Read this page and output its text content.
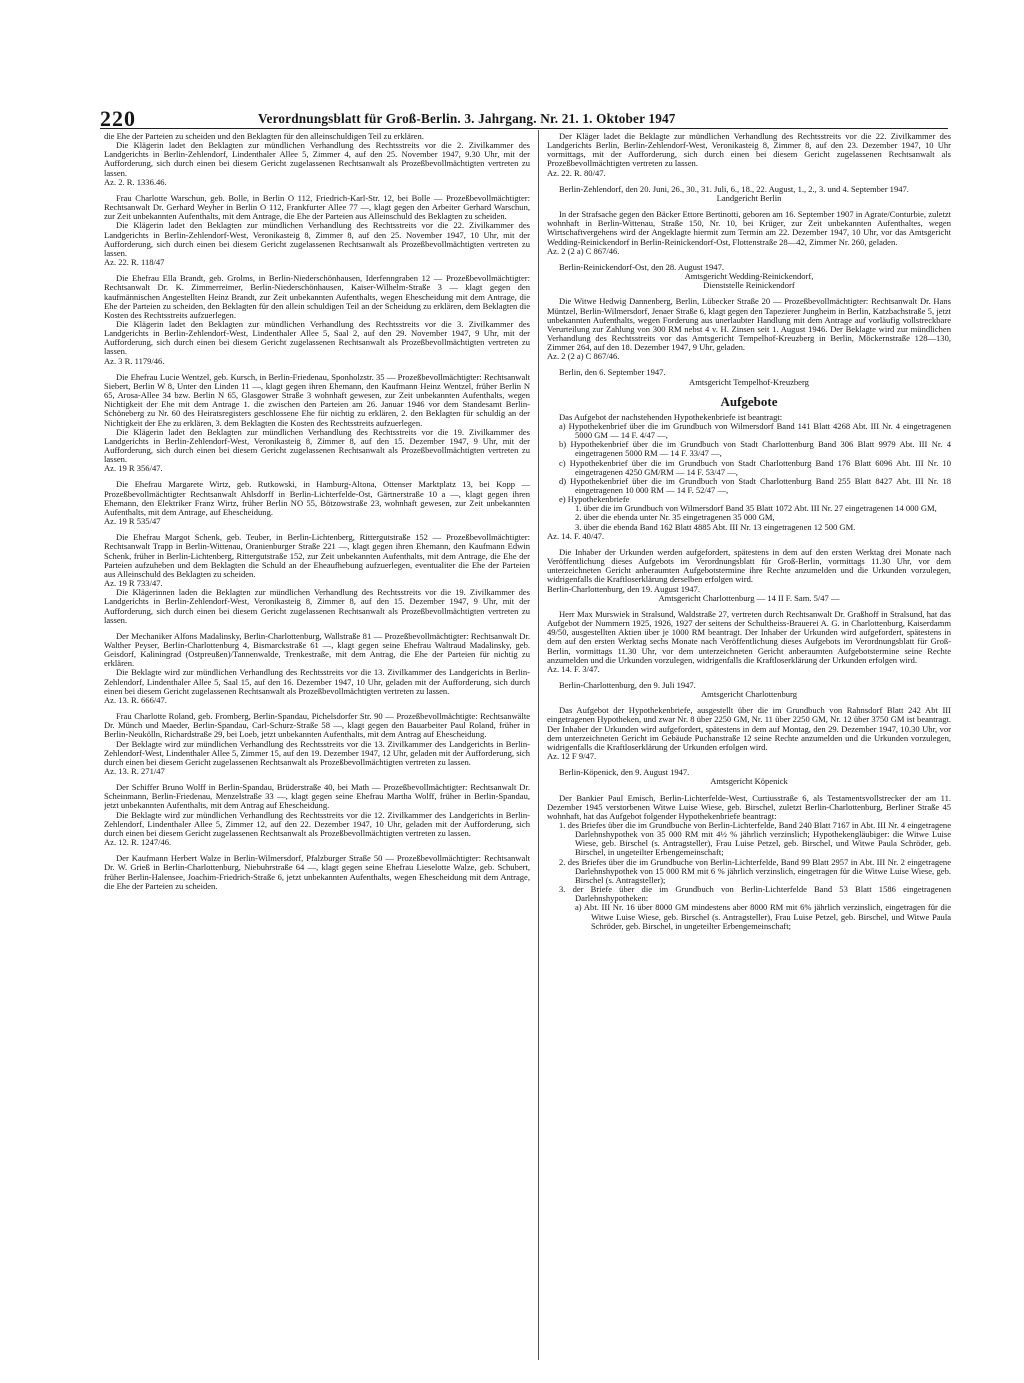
220	Verordnungsblatt für Groß-Berlin. 3. Jahrgang. Nr. 21. 1. Oktober 1947

die Ehe der Parteien zu scheiden und den Beklagten für den alleinschuldigen Teil zu erklären.

Die Klägerin ladet den Beklagten zur mündlichen Verhandlung des Rechtsstreits vor die 2. Zivilkammer des Landgerichts in Berlin-Zehlendorf, Lindenthaler Allee 5, Zimmer 4, auf den 25. November 1947, 9.30 Uhr, mit der Aufforderung, sich durch einen bei diesem Gericht zugelassenen Rechtsanwalt als Prozeßbevollmächtigten vertreten zu lassen.

Az. 2. R. 1336.46.

Frau Charlotte Warschun, geb. Bolle, in Berlin O 112, Friedrich-Karl-Str. 12, bei Bolle — Prozeßbevollmächtigter: Rechtsanwalt Dr. Gerhard Weyher in Berlin O 112, Frankfurter Allee 77 —, klagt gegen den Arbeiter Gerhard Warschun, zur Zeit unbekannten Aufenthalts, mit dem Antrage, die Ehe der Parteien aus Alleinschuld des Beklagten zu scheiden.

Die Klägerin ladet den Beklagten zur mündlichen Verhandlung des Rechtsstreits vor die 22. Zivilkammer des Landgerichts in Berlin-Zehlendorf-West, Veronikasteig 8, Zimmer 8, auf den 25. November 1947, 10 Uhr, mit der Aufforderung, sich durch einen bei diesem Gericht zugelassenen Rechtsanwalt als Prozeßbevollmächtigten vertreten zu lassen.

Az. 22. R. 118/47

Die Ehefrau Ella Brandt, geb. Grolms, in Berlin-Niederschönhausen, Iderfenngraben 12 — Prozeßbevollmächtigter: Rechtsanwalt Dr. K. Zimmerreimer, Berlin-Niederschönhausen, Kaiser-Wilhelm-Straße 3 — klagt gegen den kaufmännischen Angestellten Heinz Brandt, zur Zeit unbekannten Aufenthalts, wegen Ehescheidung mit dem Antrage, die Ehe der Parteien zu scheiden, den Beklagten für den allein schuldigen Teil an der Scheidung zu erklären, dem Beklagten die Kosten des Rechtsstreits aufzuerlegen.

Die Klägerin ladet den Beklagten zur mündlichen Verhandlung des Rechtsstreits vor die 3. Zivilkammer des Landgerichts in Berlin-Zehlendorf-West, Lindenthaler Allee 5, Saal 2, auf den 29. November 1947, 9 Uhr, mit der Aufforderung, sich durch einen bei diesem Gericht zugelassenen Rechtsanwalt als Prozeßbevollmächtigten vertreten zu lassen.

Az. 3 R. 1179/46.

Die Ehefrau Lucie Wentzel, geb. Kursch, in Berlin-Friedenau, Sponholzstr. 35 — Prozeßbevollmächtigter: Rechtsanwalt Siebert, Berlin W 8, Unter den Linden 11 —, klagt gegen ihren Ehemann, den Kaufmann Heinz Wentzel, früher Berlin N 65, Arosa-Allee 34 bzw. Berlin N 65, Glasgower Straße 3 wohnhaft gewesen, zur Zeit unbekannten Aufenthalts, wegen Nichtigkeit der Ehe mit dem Antrage 1. die zwischen den Parteien am 26. Januar 1946 vor dem Standesamt Berlin-Schöneberg zu Nr. 60 des Heiratsregisters geschlossene Ehe für nichtig zu erklären, 2. den Beklagten für schuldig an der Nichtigkeit der Ehe zu erklären, 3. dem Beklagten die Kosten des Rechtsstreits aufzuerlegen.

Die Klägerin ladet den Beklagten zur mündlichen Verhandlung des Rechtsstreits vor die 19. Zivilkammer des Landgerichts in Berlin-Zehlendorf-West, Veronikasteig 8, Zimmer 8, auf den 15. Dezember 1947, 9 Uhr, mit der Aufforderung, sich durch einen bei diesem Gericht zugelassenen Rechtsanwalt als Prozeßbevollmächtigten vertreten zu lassen.

Az. 19 R 356/47.

Die Ehefrau Margarete Wirtz, geb. Rutkowski, in Hamburg-Altona, Ottenser Marktplatz 13, bei Kopp — Prozeßbevollmächtigter Rechtsanwalt Ahlsdorff in Berlin-Lichterfelde-Ost, Gärtnerstraße 10 a —, klagt gegen ihren Ehemann, den Elektriker Franz Wirtz, früher Berlin NO 55, Bötzowstraße 23, wohnhaft gewesen, zur Zeit unbekannten Aufenthalts, mit dem Antrage, auf Ehescheidung.

Az. 19 R 535/47

Die Ehefrau Margot Schenk, geb. Teuber, in Berlin-Lichtenberg, Rittergutstraße 152 — Prozeßbevollmächtigter: Rechtsanwalt Trapp in Berlin-Wittenau, Oranienburger Straße 221 —, klagt gegen ihren Ehemann, den Kaufmann Edwin Schenk, früher in Berlin-Lichtenberg, Rittergutstraße 152, zur Zeit unbekannten Aufenthalts, mit dem Antrage, die Ehe der Parteien aufzuheben und dem Beklagten die Schuld an der Eheaufhebung aufzuerlegen, eventualiter die Ehe der Parteien aus Alleinschuld des Beklagten zu scheiden.

Az. 19 R 733/47.

Die Klägerinnen laden die Beklagten zur mündlichen Verhandlung des Rechtsstreits vor die 19. Zivilkammer des Landgerichts in Berlin-Zehlendorf-West, Veronikasteig 8, Zimmer 8, auf den 15. Dezember 1947, 9 Uhr, mit der Aufforderung, sich durch einen bei diesem Gericht zugelassenen Rechtsanwalt als Prozeßbevollmächtigten vertreten zu lassen.

Der Mechaniker Alfons Madalinsky, Berlin-Charlottenburg, Wallstraße 81 — Prozeßbevollmächtigter: Rechtsanwalt Dr. Walther Peyser, Berlin-Charlottenburg 4, Bismarckstraße 61 —, klagt gegen seine Ehefrau Waltraud Madalinsky, geb. Geisdorf, Kaliningrad (Ostpreußen)/Tannenwalde, Trenkestraße, mit dem Antrag, die Ehe der Parteien für nichtig zu erklären.

Die Beklagte wird zur mündlichen Verhandlung des Rechtsstreits vor die 13. Zivilkammer des Landgerichts in Berlin-Zehlendorf, Lindenthaler Allee 5, Saal 15, auf den 16. Dezember 1947, 10 Uhr, geladen mit der Aufforderung, sich durch einen bei diesem Gericht zugelassenen Rechtsanwalt als Prozeßbevollmächtigten vertreten zu lassen.

Az. 13. R. 666/47.

Frau Charlotte Roland, geb. Fromberg, Berlin-Spandau, Pichelsdorfer Str. 90 — Prozeßbevollmächtigte: Rechtsanwälte Dr. Münch und Maeder, Berlin-Spandau, Carl-Schurz-Straße 58 —, klagt gegen den Bauarbeiter Paul Roland, früher in Berlin-Neukölln, Richardstraße 29, bei Loeb, jetzt unbekannten Aufenthalts, mit dem Antrag auf Ehescheidung.

Der Beklagte wird zur mündlichen Verhandlung des Rechtsstreits vor die 13. Zivilkammer des Landgerichts in Berlin-Zehlendorf-West, Lindenthaler Allee 5, Zimmer 15, auf den 19. Dezember 1947, 12 Uhr, geladen mit der Aufforderung, sich durch einen bei diesem Gericht zugelassenen Rechtsanwalt als Prozeßbevollmächtigten vertreten zu lassen.

Az. 13. R. 271/47

Der Schiffer Bruno Wolff in Berlin-Spandau, Brüderstraße 40, bei Math — Prozeßbevollmächtigter: Rechtsanwalt Dr. Scheinmann, Berlin-Friedenau, Menzelstraße 33 —, klagt gegen seine Ehefrau Martha Wolff, früher in Berlin-Spandau, jetzt unbekannten Aufenthalts, mit dem Antrag auf Ehescheidung.

Die Beklagte wird zur mündlichen Verhandlung des Rechtsstreits vor die 12. Zivilkammer des Landgerichts in Berlin-Zehlendorf, Lindenthaler Allee 5, Zimmer 12, auf den 22. Dezember 1947, 10 Uhr, geladen mit der Aufforderung, sich durch einen bei diesem Gericht zugelassenen Rechtsanwalt als Prozeßbevollmächtigten vertreten zu lassen.

Az. 12. R. 1247/46.

Der Kaufmann Herbert Walze in Berlin-Wilmersdorf, Pfalzburger Straße 50 — Prozeßbevollmächtigter: Rechtsanwalt Dr. W. Grieß in Berlin-Charlottenburg, Niebuhrstraße 64 —, klagt gegen seine Ehefrau Lieselotte Walze, geb. Schubert, früher Berlin-Halensee, Joachim-Friedrich-Straße 6, jetzt unbekannten Aufenthalts, wegen Ehescheidung mit dem Antrage, die Ehe der Parteien zu scheiden.

Der Kläger ladet die Beklagte zur mündlichen Verhandlung des Rechtsstreits vor die 22. Zivilkammer des Landgerichts Berlin, Berlin-Zehlendorf-West, Veronikasteig 8, Zimmer 8, auf den 23. Dezember 1947, 10 Uhr vormittags, mit der Aufforderung, sich durch einen bei diesem Gericht zugelassenen Rechtsanwalt als Prozeßbevollmächtigten vertreten zu lassen.

Az. 22. R. 80/47.

Berlin-Zehlendorf, den 20. Juni, 26., 30., 31. Juli, 6., 18., 22. August, 1., 2., 3. und 4. September 1947.

Landgericht Berlin

In der Strafsache gegen den Bäcker Ettore Bertinotti, geboren am 16. September 1907 in Agrate/Conturbie, zuletzt wohnhaft in Berlin-Wittenau, Straße 150, Nr. 10, bei Krüger, zur Zeit unbekannten Aufenthaltes, wegen Wirtschaftvergehens wird der Angeklagte hiermit zum Termin am 22. Dezember 1947, 10 Uhr, vor das Amtsgericht Wedding-Reinickendorf in Berlin-Reinickendorf-Ost, Flottenstraße 28—42, Zimmer Nr. 260, geladen.

Az. 2 (2 a) C 867/46.

Berlin-Reinickendorf-Ost, den 28. August 1947.

Amtsgericht Wedding-Reinickendorf,

Dienststelle Reinickendorf

Die Witwe Hedwig Dannenberg, Berlin, Lübecker Straße 20 — Prozeßbevollmächtigter: Rechtsanwalt Dr. Hans Müntzel, Berlin-Wilmersdorf, Jenaer Straße 6, klagt gegen den Tapezierer Jungheim in Berlin, Katzbachstraße 5, jetzt unbekannten Aufenthalts, wegen Forderung aus unerlaubter Handlung mit dem Antrage auf vorläufig vollstreckbare Verurteilung zur Zahlung von 300 RM nebst 4 v. H. Zinsen seit 1. August 1946. Der Beklagte wird zur mündlichen Verhandlung des Rechtsstreits vor das Amtsgericht Tempelhof-Kreuzberg in Berlin, Möckernstraße 128—130, Zimmer 264, auf den 18. Dezember 1947, 9 Uhr, geladen.

Az. 2 (2 a) C 867/46.

Berlin, den 6. September 1947.

Amtsgericht Tempelhof-Kreuzberg

Aufgebote

Das Aufgebot der nachstehenden Hypothekenbriefe ist beantragt:

a) Hypothekenbrief über die im Grundbuch von Wilmersdorf Band 141 Blatt 4268 Abt. III Nr. 4 eingetragenen 5000 GM — 14 F. 4/47 —,

b) Hypothekenbrief über die im Grundbuch von Stadt Charlottenburg Band 306 Blatt 9979 Abt. III Nr. 4 eingetragenen 5000 RM — 14 F. 33/47 —,

c) Hypothekenbrief über die im Grundbuch von Stadt Charlottenburg Band 176 Blatt 6096 Abt. III Nr. 10 eingetragenen 4250 GM/RM — 14 F. 53/47 —,

d) Hypothekenbrief über die im Grundbuch von Stadt Charlottenburg Band 255 Blatt 8427 Abt. III Nr. 18 eingetragenen 10 000 RM — 14 F. 52/47 —,

e) Hypothekenbriefe

1. über die im Grundbuch von Wilmersdorf Band 35 Blatt 1072 Abt. III Nr. 27 eingetragenen 14 000 GM,

2. über die ebenda unter Nr. 35 eingetragenen 35 000 GM,

3. über die ebenda Band 162 Blatt 4885 Abt. III Nr. 13 eingetragenen 12 500 GM.

Az. 14. F. 40/47.

Die Inhaber der Urkunden werden aufgefordert, spätestens in dem auf den ersten Werktag drei Monate nach Veröffentlichung dieses Aufgebots im Verordnungsblatt für Groß-Berlin, vormittags 11.30 Uhr, vor dem unterzeichneten Gericht anberaumten Aufgebotstermine ihre Rechte anzumelden und die Urkunden vorzulegen, widrigenfalls die Kraftloserklärung derselben erfolgen wird.

Berlin-Charlottenburg, den 19. August 1947.

Amtsgericht Charlottenburg — 14 II F. Sam. 5/47 —

Herr Max Murswiek in Stralsund, Waldstraße 27, vertreten durch Rechtsanwalt Dr. Graßhoff in Stralsund, hat das Aufgebot der Nummern 1925, 1926, 1927 der seitens der Schultheiss-Brauerei A. G. in Charlottenburg, Kaiserdamm 49/50, ausgestellten Aktien über je 1000 RM beantragt. Der Inhaber der Urkunden wird aufgefordert, spätestens in dem auf den ersten Werktag sechs Monate nach Veröffentlichung dieses Aufgebots im Verordnungsblatt für Groß-Berlin, vormittags 11.30 Uhr, vor dem unterzeichneten Gericht anberaumten Aufgebotstermine seine Rechte anzumelden und die Urkunden vorzulegen, widrigenfalls die Kraftloserklärung der Urkunden erfolgen wird.

Az. 14. F. 3/47.

Berlin-Charlottenburg, den 9. Juli 1947.

Amtsgericht Charlottenburg

Das Aufgebot der Hypothekenbriefe, ausgestellt über die im Grundbuch von Rahnsdorf Blatt 242 Abt III eingetragenen Hypotheken, und zwar Nr. 8 über 2250 GM, Nr. 11 über 2250 GM, Nr. 12 über 3750 GM ist beantragt. Der Inhaber der Urkunden wird aufgefordert, spätestens in dem auf Montag, den 29. Dezember 1947, 10.30 Uhr, vor dem unterzeichneten Gericht im Gebäude Puchanstraße 12 seine Rechte anzumelden und die Urkunden vorzulegen, widrigenfalls die Kraftloserklärung der Urkunden erfolgen wird.

Az. 12 F 9/47.

Berlin-Köpenick, den 9. August 1947.

Amtsgericht Köpenick

Der Bankier Paul Emisch, Berlin-Lichterfelde-West, Curtiusstraße 6, als Testamentsvollstrecker der am 11. Dezember 1945 verstorbenen Witwe Luise Wiese, geb. Birschel, zuletzt Berlin-Charlottenburg, Berliner Straße 45 wohnhaft, hat das Aufgebot folgender Hypothekenbriefe beantragt:

1. des Briefes über die im Grundbuche von Berlin-Lichterfelde, Band 240 Blatt 7167 in Abt. III Nr. 4 eingetragene Darlehnshypothek von 35 000 RM mit 4½ % jährlich verzinslich; Hypothekengläubiger: die Witwe Luise Wiese, geb. Birschel (s. Antragsteller), Frau Luise Petzel, geb. Birschel, und Witwe Paula Schröder, geb. Birschel, in ungeteilter Erbengemeinschaft;

2. des Briefes über die im Grundbuche von Berlin-Lichterfelde, Band 99 Blatt 2957 in Abt. III Nr. 2 eingetragene Darlehnshypothek von 15 000 RM mit 6 % jährlich verzinslich, eingetragen für die Witwe Luise Wiese, geb. Birschel (s. Antragsteller);

3. der Briefe über die im Grundbuch von Berlin-Lichterfelde Band 53 Blatt 1586 eingetragenen Darlehnshypotheken:

a) Abt. III Nr. 16 über 8000 GM mindestens aber 8000 RM mit 6% jährlich verzinslich, eingetragen für die Witwe Luise Wiese, geb. Birschel (s. Antragsteller), Frau Luise Petzel, geb. Birschel, und Witwe Paula Schröder, geb. Birschel, in ungeteilter Erbengemeinschaft;
